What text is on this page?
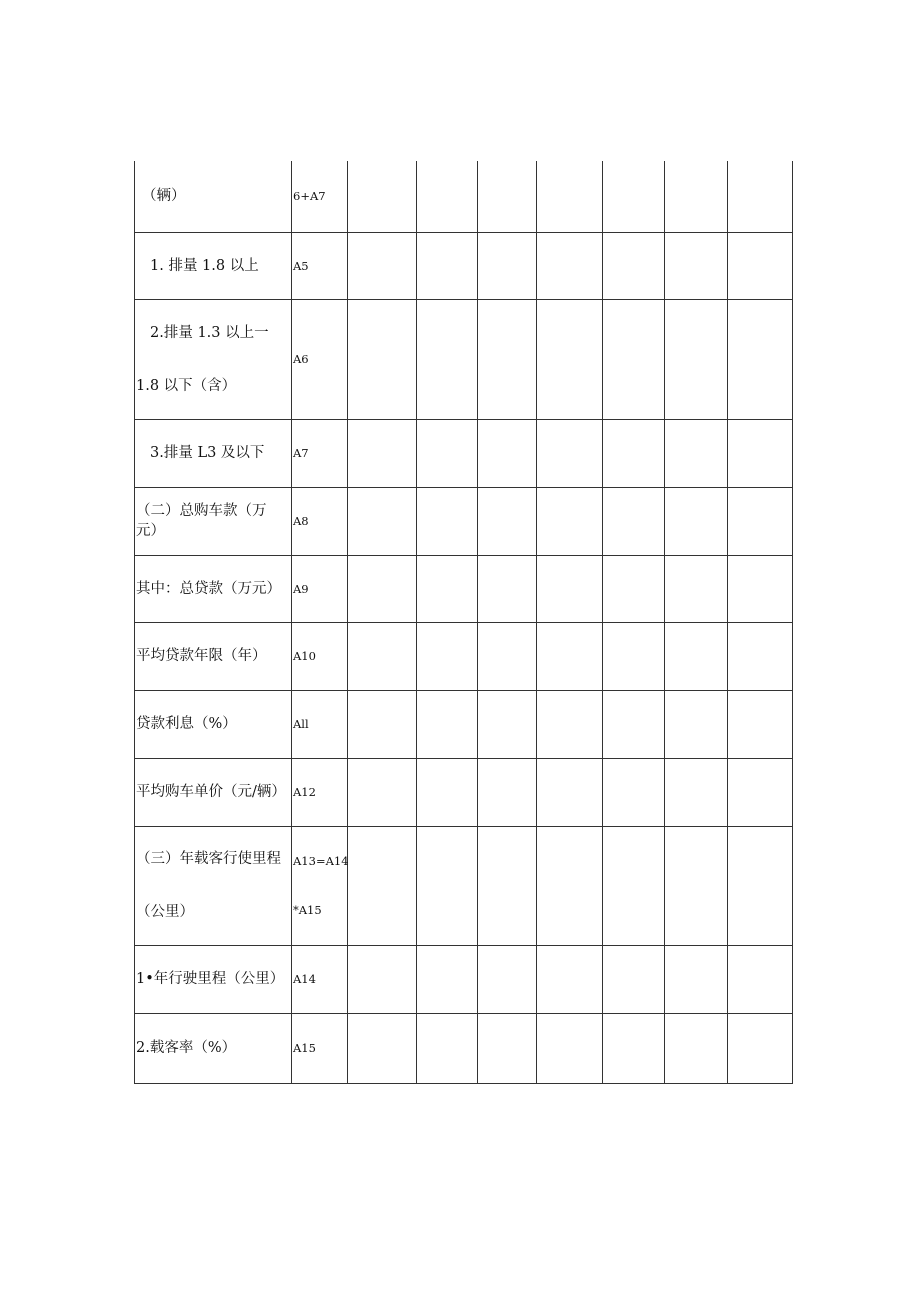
（辆）	6+A7							

1. 排量 1.8 以上	A5							

2.排量 1.3 以上一
1.8 以下（含）	A6							

3.排量 L3 及以下	A7							

（二）总购车款（万
元）	A8							

其中：总贷款（万元）	A9							

平均贷款年限（年）	A10							

贷款利息（%）	All							

平均购车单价（元/辆）	A12							

（三）年载客行使里程
（公里）	A13=A14
*A15							

1•年行驶里程（公里）	A14							

2.载客率（%）	A15							
